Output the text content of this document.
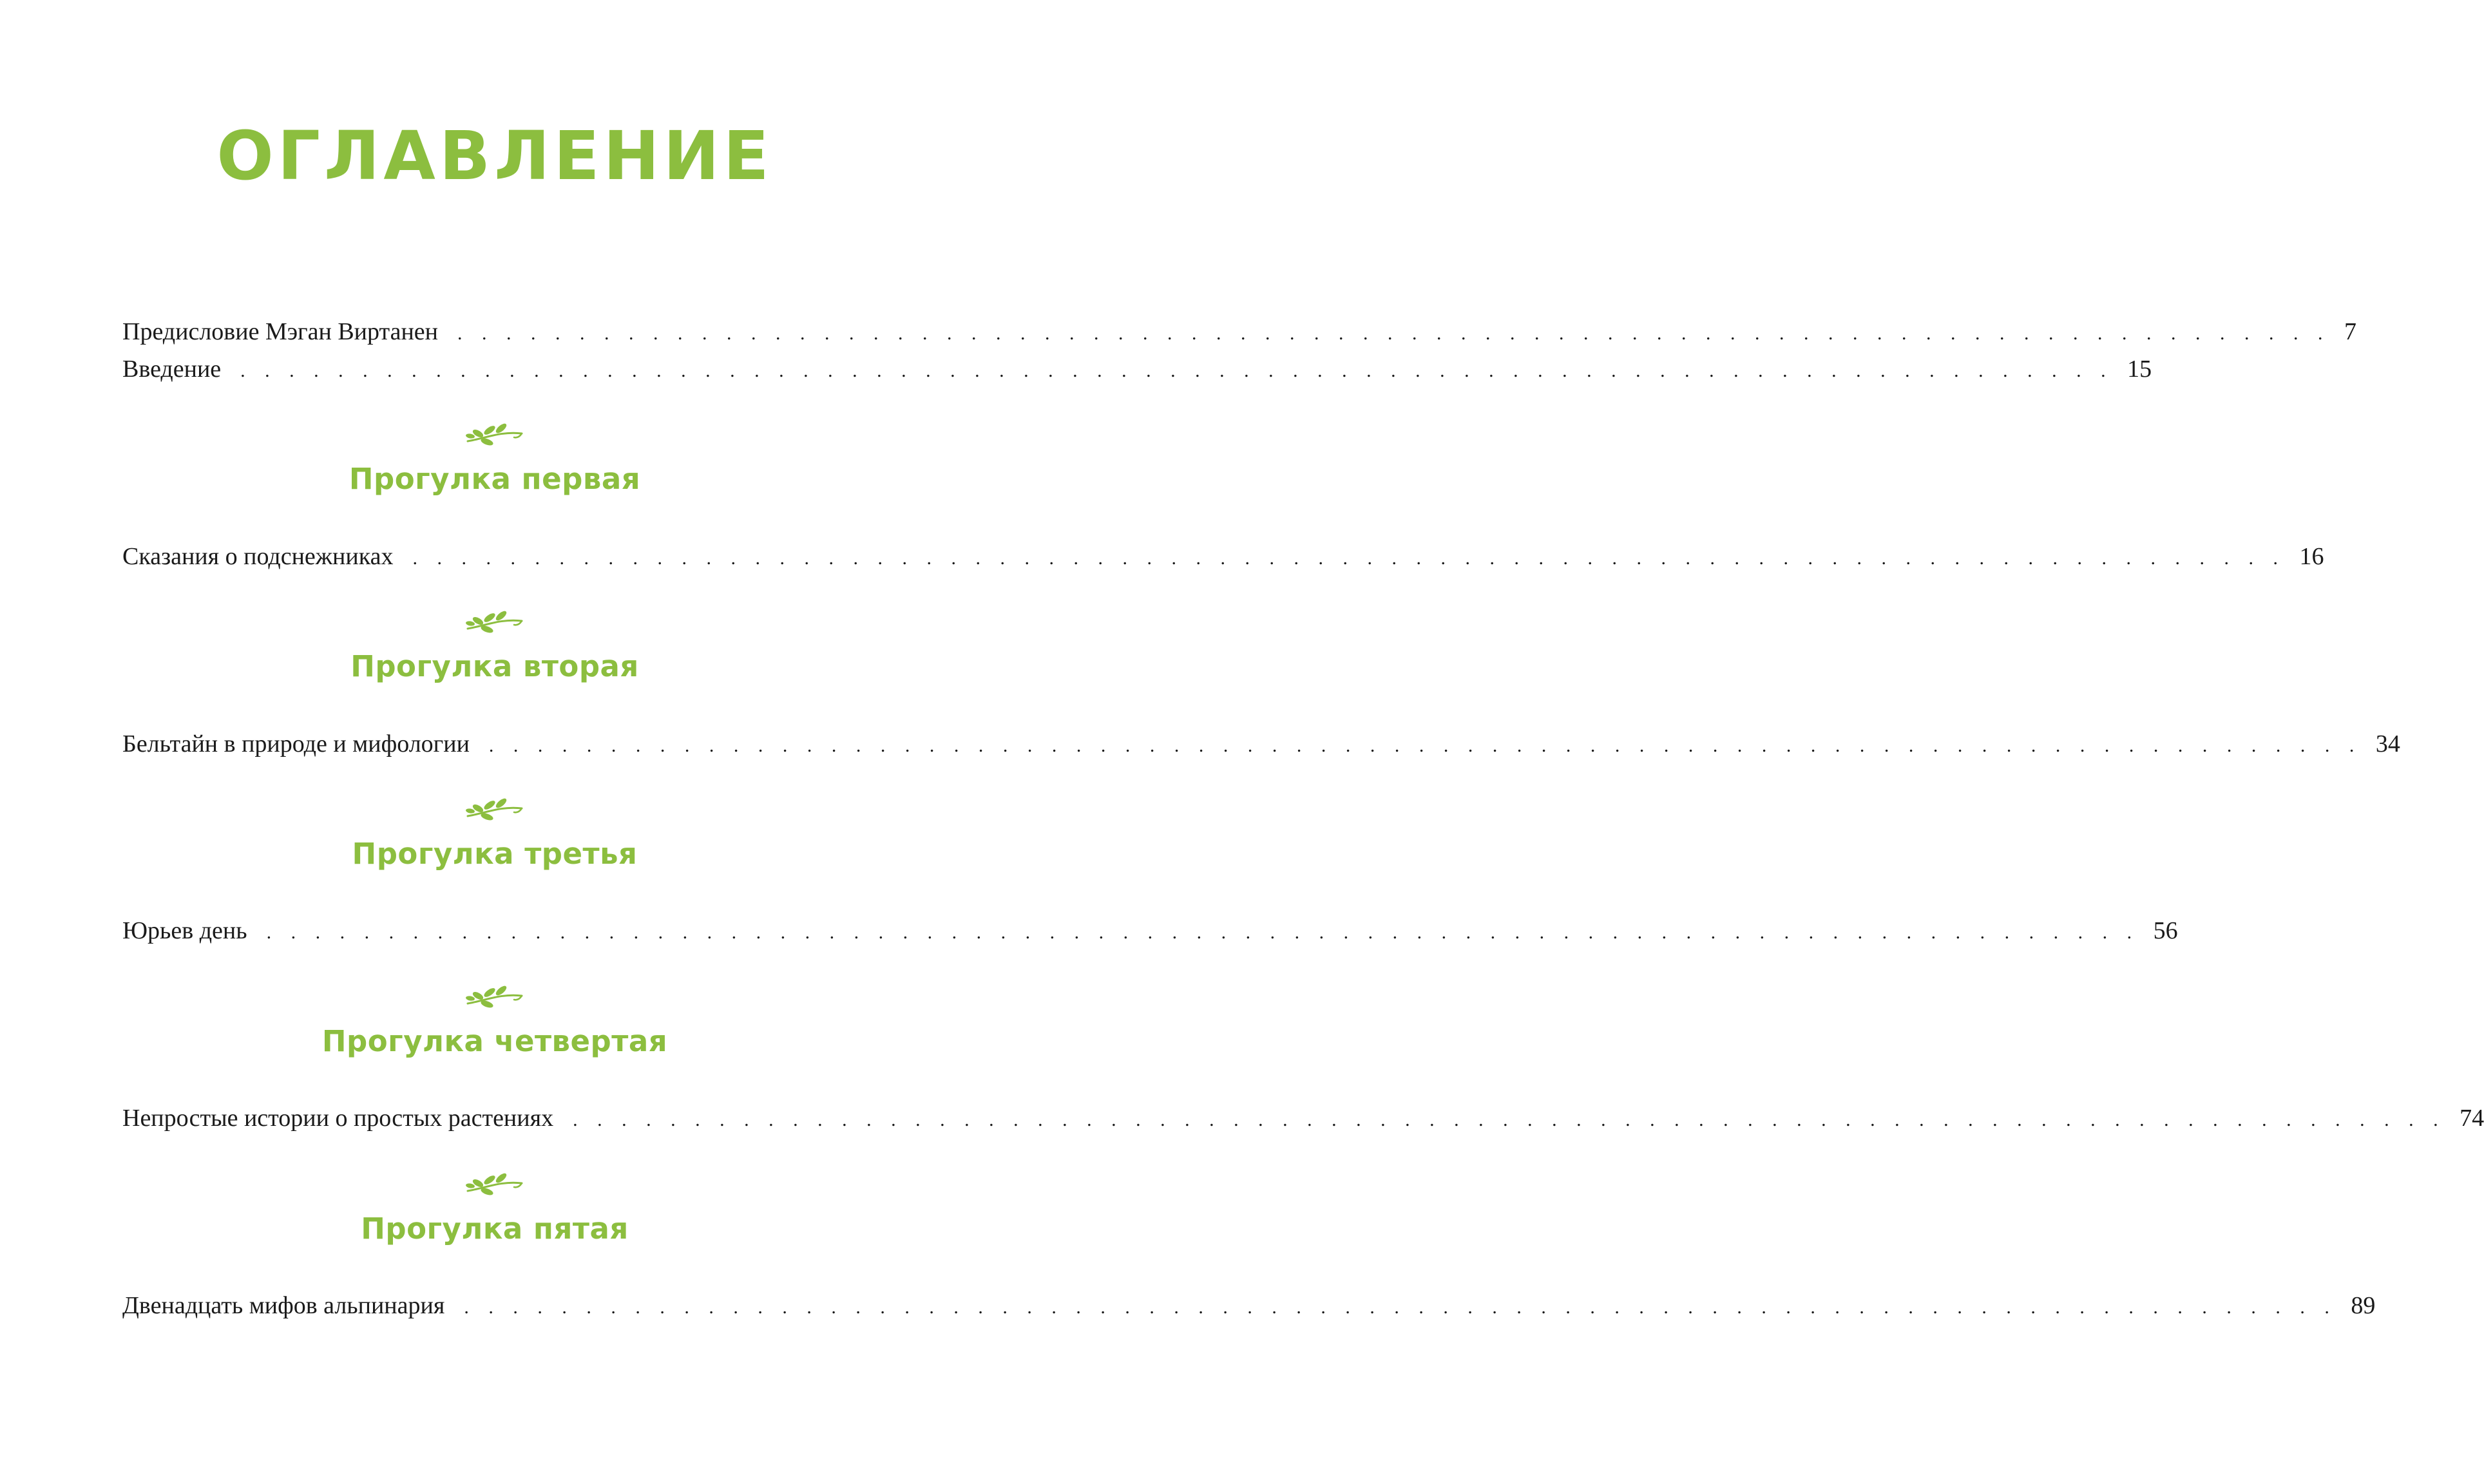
ОГЛАВЛЕНИЕ
Предисловие Мэган Виртанен . . . . . . . . . . . . . . . . . . . . . . . . . . . . . . . . . . . . . . . . . . . . . . . . . . . . . . . . . . . . . . . . . . . . . . . . . . . . . 7
Введение . . . . . . . . . . . . . . . . . . . . . . . . . . . . . . . . . . . . . . . . . . . . . . . . . . . . . . . . . . . . . . . . . . . . . . . . . . . . . 15
Сказания о подснежниках . . . . . . . . . . . . . . . . . . . . . . . . . . . . . . . . . . . . . . . . . . . . . . . . . . . . . . . . . . . . . . . . . . . . . . . . . . . . . 16
Бельтайн в природе и мифологии . . . . . . . . . . . . . . . . . . . . . . . . . . . . . . . . . . . . . . . . . . . . . . . . . . . . . . . . . . . . . . . . . . . . . . . . . . . . . 34
Юрьев день . . . . . . . . . . . . . . . . . . . . . . . . . . . . . . . . . . . . . . . . . . . . . . . . . . . . . . . . . . . . . . . . . . . . . . . . . . . . . 56
Непростые истории о простых растениях . . . . . . . . . . . . . . . . . . . . . . . . . . . . . . . . . . . . . . . . . . . . . . . . . . . . . . . . . . . . . . . . . . . . . . . . . . . . . 74
Двенадцать мифов альпинария . . . . . . . . . . . . . . . . . . . . . . . . . . . . . . . . . . . . . . . . . . . . . . . . . . . . . . . . . . . . . . . . . . . . . . . . . . . . . 89
Прогулка первая
Прогулка вторая
Прогулка третья
Прогулка четвертая
Прогулка пятая
